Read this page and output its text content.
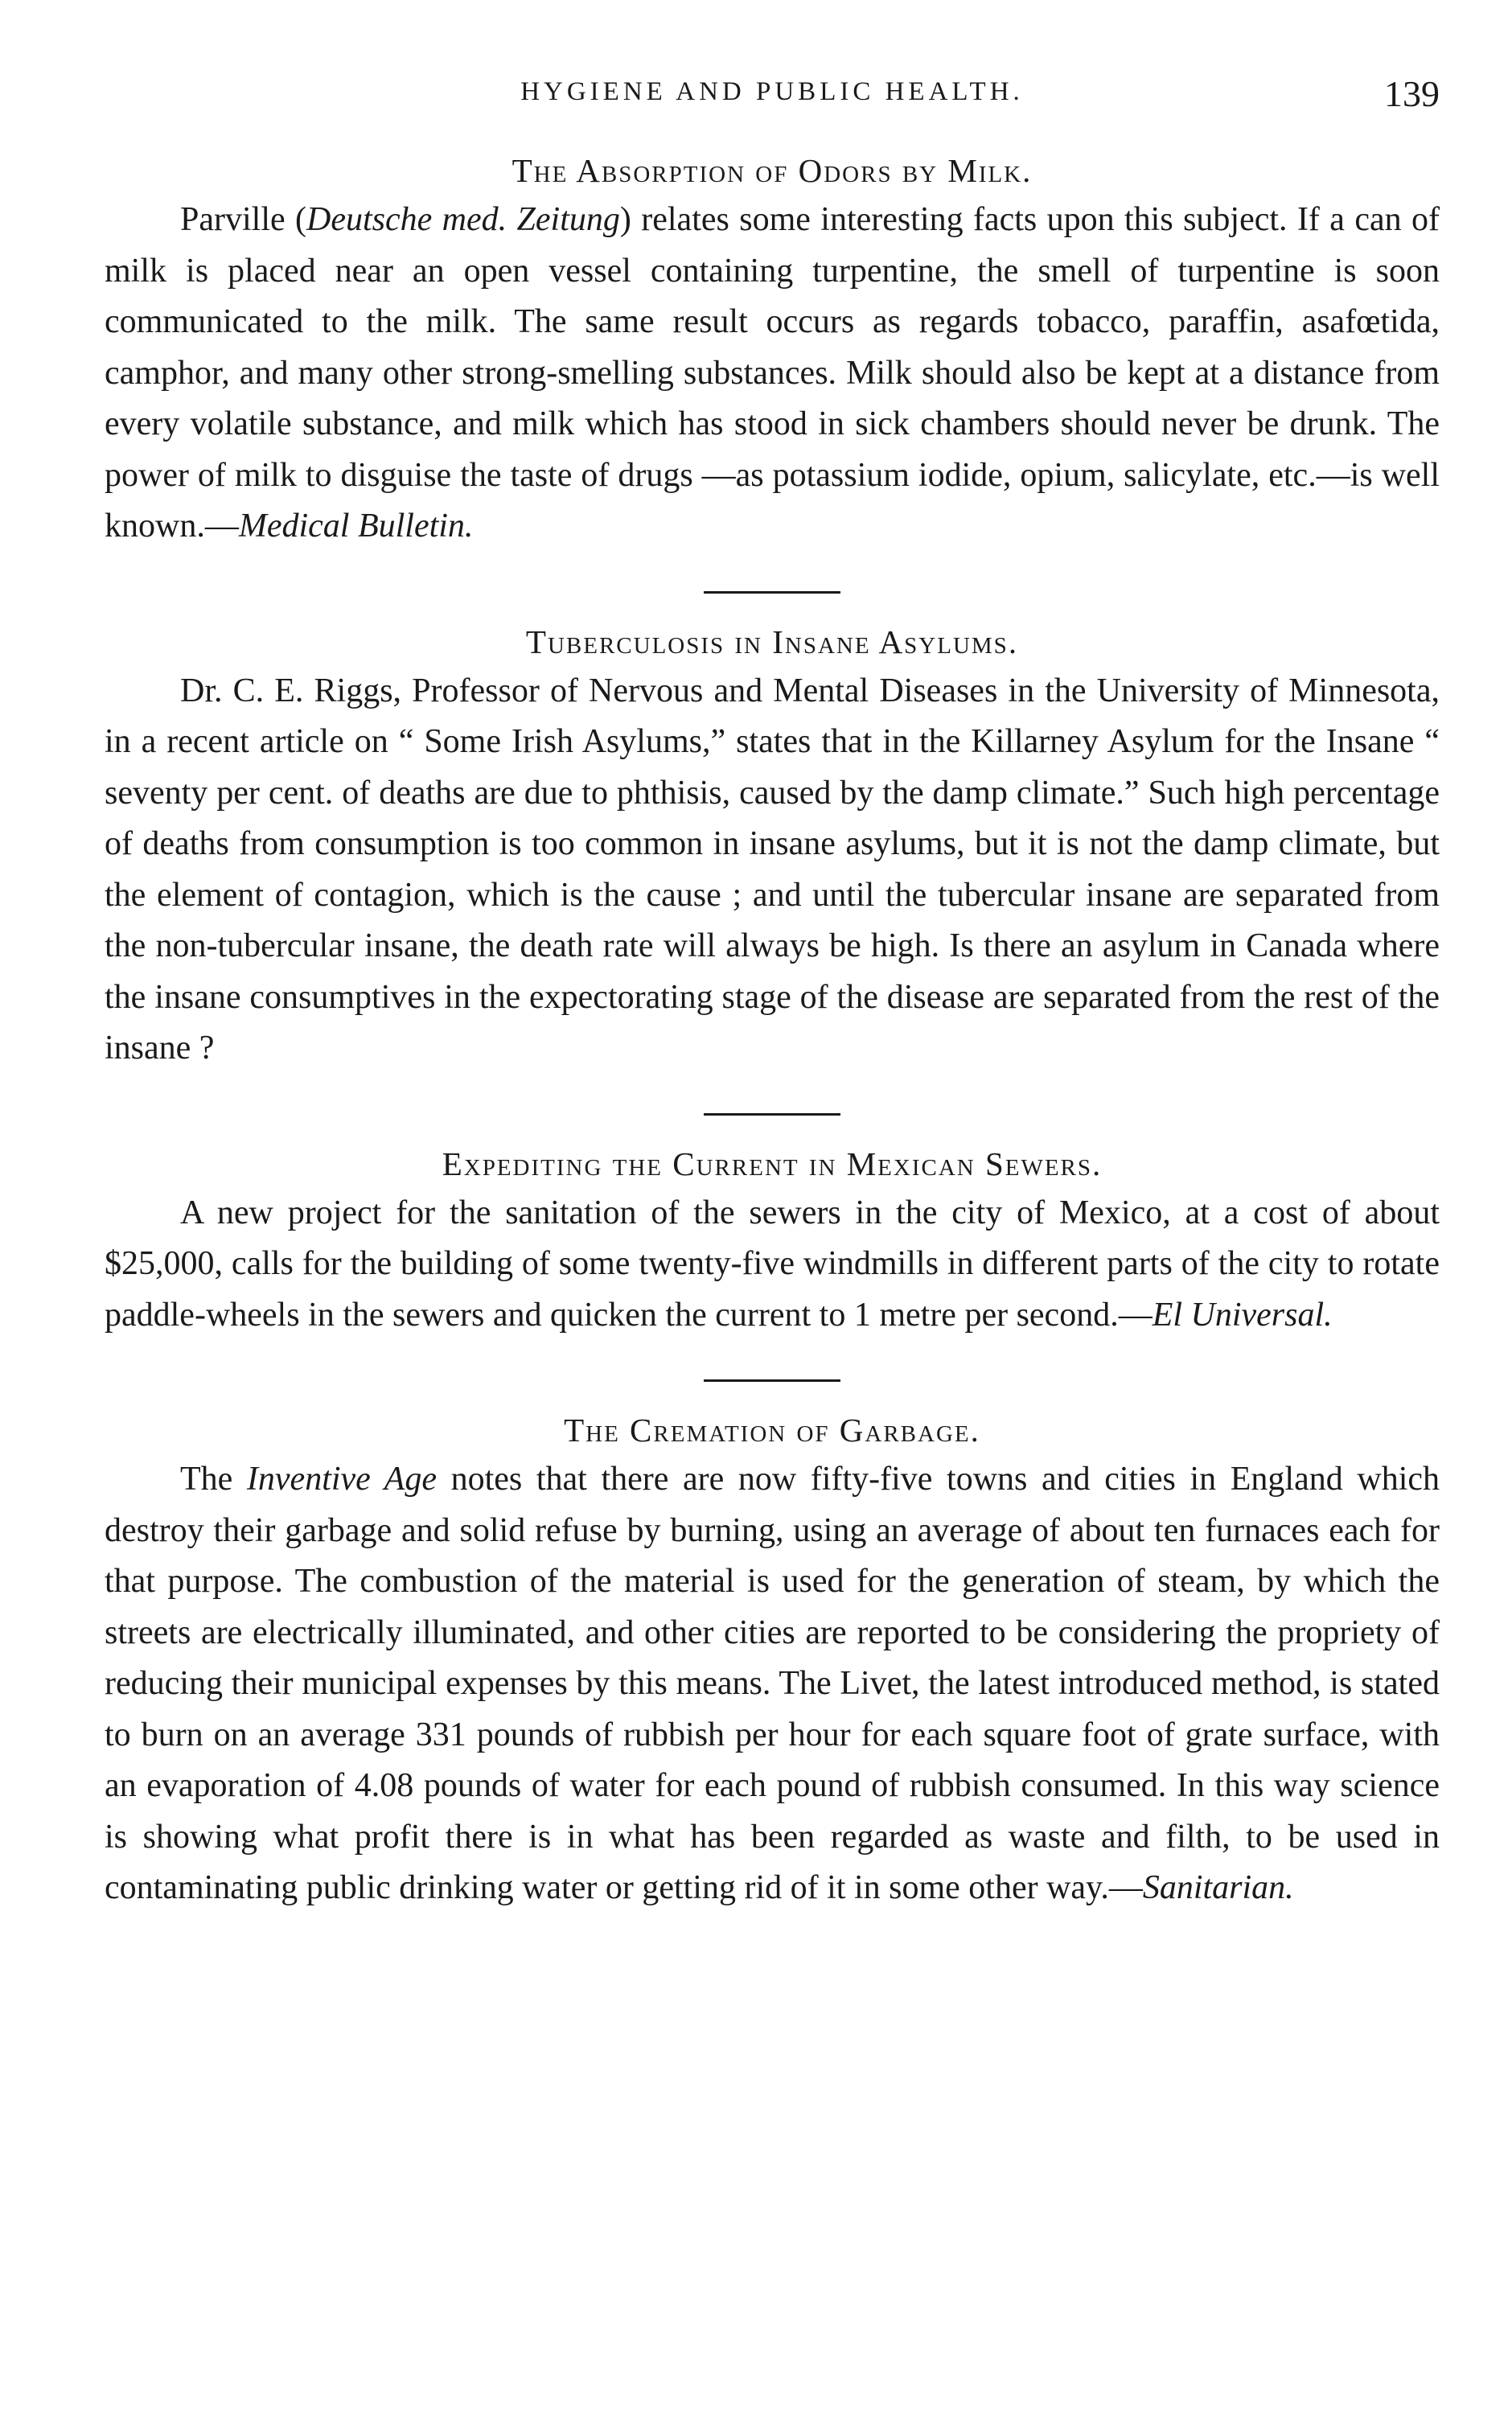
HYGIENE AND PUBLIC HEALTH.	139
The Absorption of Odors by Milk.

Parville (Deutsche med. Zeitung) relates some interesting facts upon this subject. If a can of milk is placed near an open vessel containing turpentine, the smell of turpentine is soon communicated to the milk. The same result occurs as regards tobacco, paraffin, asafœtida, camphor, and many other strong-smelling substances. Milk should also be kept at a distance from every volatile substance, and milk which has stood in sick chambers should never be drunk. The power of milk to disguise the taste of drugs —as potassium iodide, opium, salicylate, etc.—is well known.—Medical Bulletin.

Tuberculosis in Insane Asylums.

Dr. C. E. Riggs, Professor of Nervous and Mental Diseases in the University of Minnesota, in a recent article on “ Some Irish Asylums,” states that in the Killarney Asylum for the Insane “ seventy per cent. of deaths are due to phthisis, caused by the damp climate.” Such high percentage of deaths from consumption is too common in insane asylums, but it is not the damp climate, but the element of contagion, which is the cause ; and until the tubercular insane are separated from the non-tubercular insane, the death rate will always be high. Is there an asylum in Canada where the insane consumptives in the expectorating stage of the disease are separated from the rest of the insane ?

Expediting the Current in Mexican Sewers.

A new project for the sanitation of the sewers in the city of Mexico, at a cost of about $25,000, calls for the building of some twenty-five windmills in different parts of the city to rotate paddle-wheels in the sewers and quicken the current to 1 metre per second.—El Universal.

The Cremation of Garbage.

The Inventive Age notes that there are now fifty-five towns and cities in England which destroy their garbage and solid refuse by burning, using an average of about ten furnaces each for that purpose. The combustion of the material is used for the generation of steam, by which the streets are electrically illuminated, and other cities are reported to be considering the propriety of reducing their municipal expenses by this means. The Livet, the latest introduced method, is stated to burn on an average 331 pounds of rubbish per hour for each square foot of grate surface, with an evaporation of 4.08 pounds of water for each pound of rubbish consumed. In this way science is showing what profit there is in what has been regarded as waste and filth, to be used in contaminating public drinking water or getting rid of it in some other way.—Sanitarian.
